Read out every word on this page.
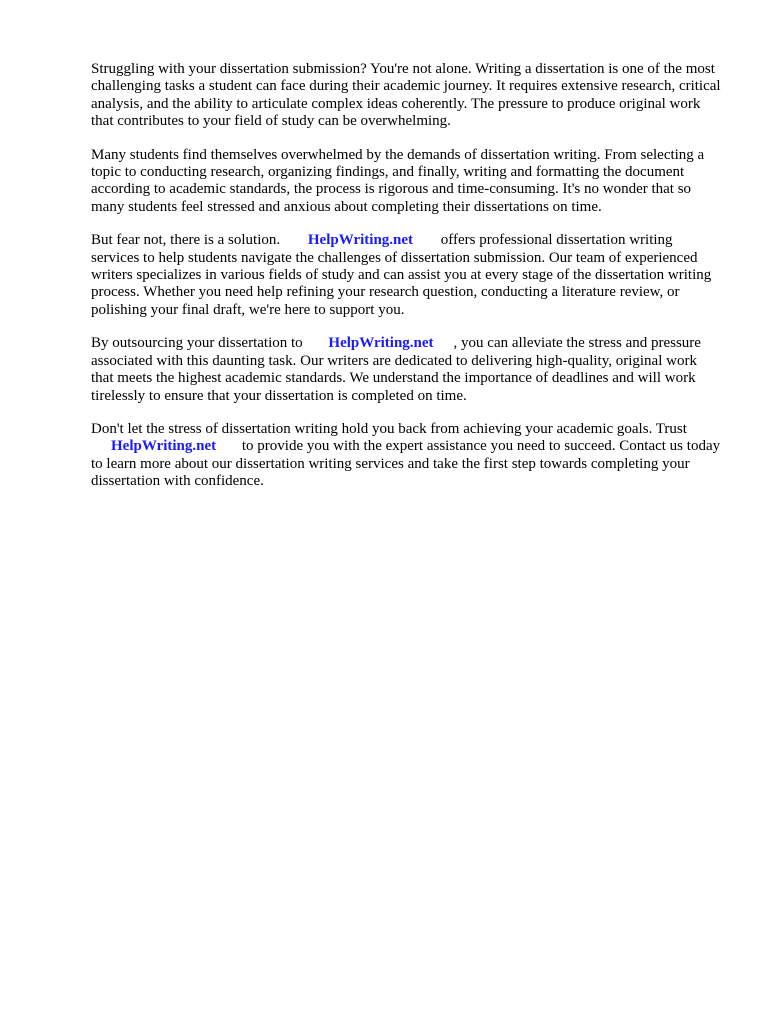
Struggling with your dissertation submission? You're not alone. Writing a dissertation is one of the most challenging tasks a student can face during their academic journey. It requires extensive research, critical analysis, and the ability to articulate complex ideas coherently. The pressure to produce original work that contributes to your field of study can be overwhelming.

Many students find themselves overwhelmed by the demands of dissertation writing. From selecting a topic to conducting research, organizing findings, and finally, writing and formatting the document according to academic standards, the process is rigorous and time-consuming. It's no wonder that so many students feel stressed and anxious about completing their dissertations on time.

But fear not, there is a solution. HelpWriting.net offers professional dissertation writing services to help students navigate the challenges of dissertation submission. Our team of experienced writers specializes in various fields of study and can assist you at every stage of the dissertation writing process. Whether you need help refining your research question, conducting a literature review, or polishing your final draft, we're here to support you.

By outsourcing your dissertation to HelpWriting.net , you can alleviate the stress and pressure associated with this daunting task. Our writers are dedicated to delivering high-quality, original work that meets the highest academic standards. We understand the importance of deadlines and will work tirelessly to ensure that your dissertation is completed on time.

Don't let the stress of dissertation writing hold you back from achieving your academic goals. Trust HelpWriting.net to provide you with the expert assistance you need to succeed. Contact us today to learn more about our dissertation writing services and take the first step towards completing your dissertation with confidence.
